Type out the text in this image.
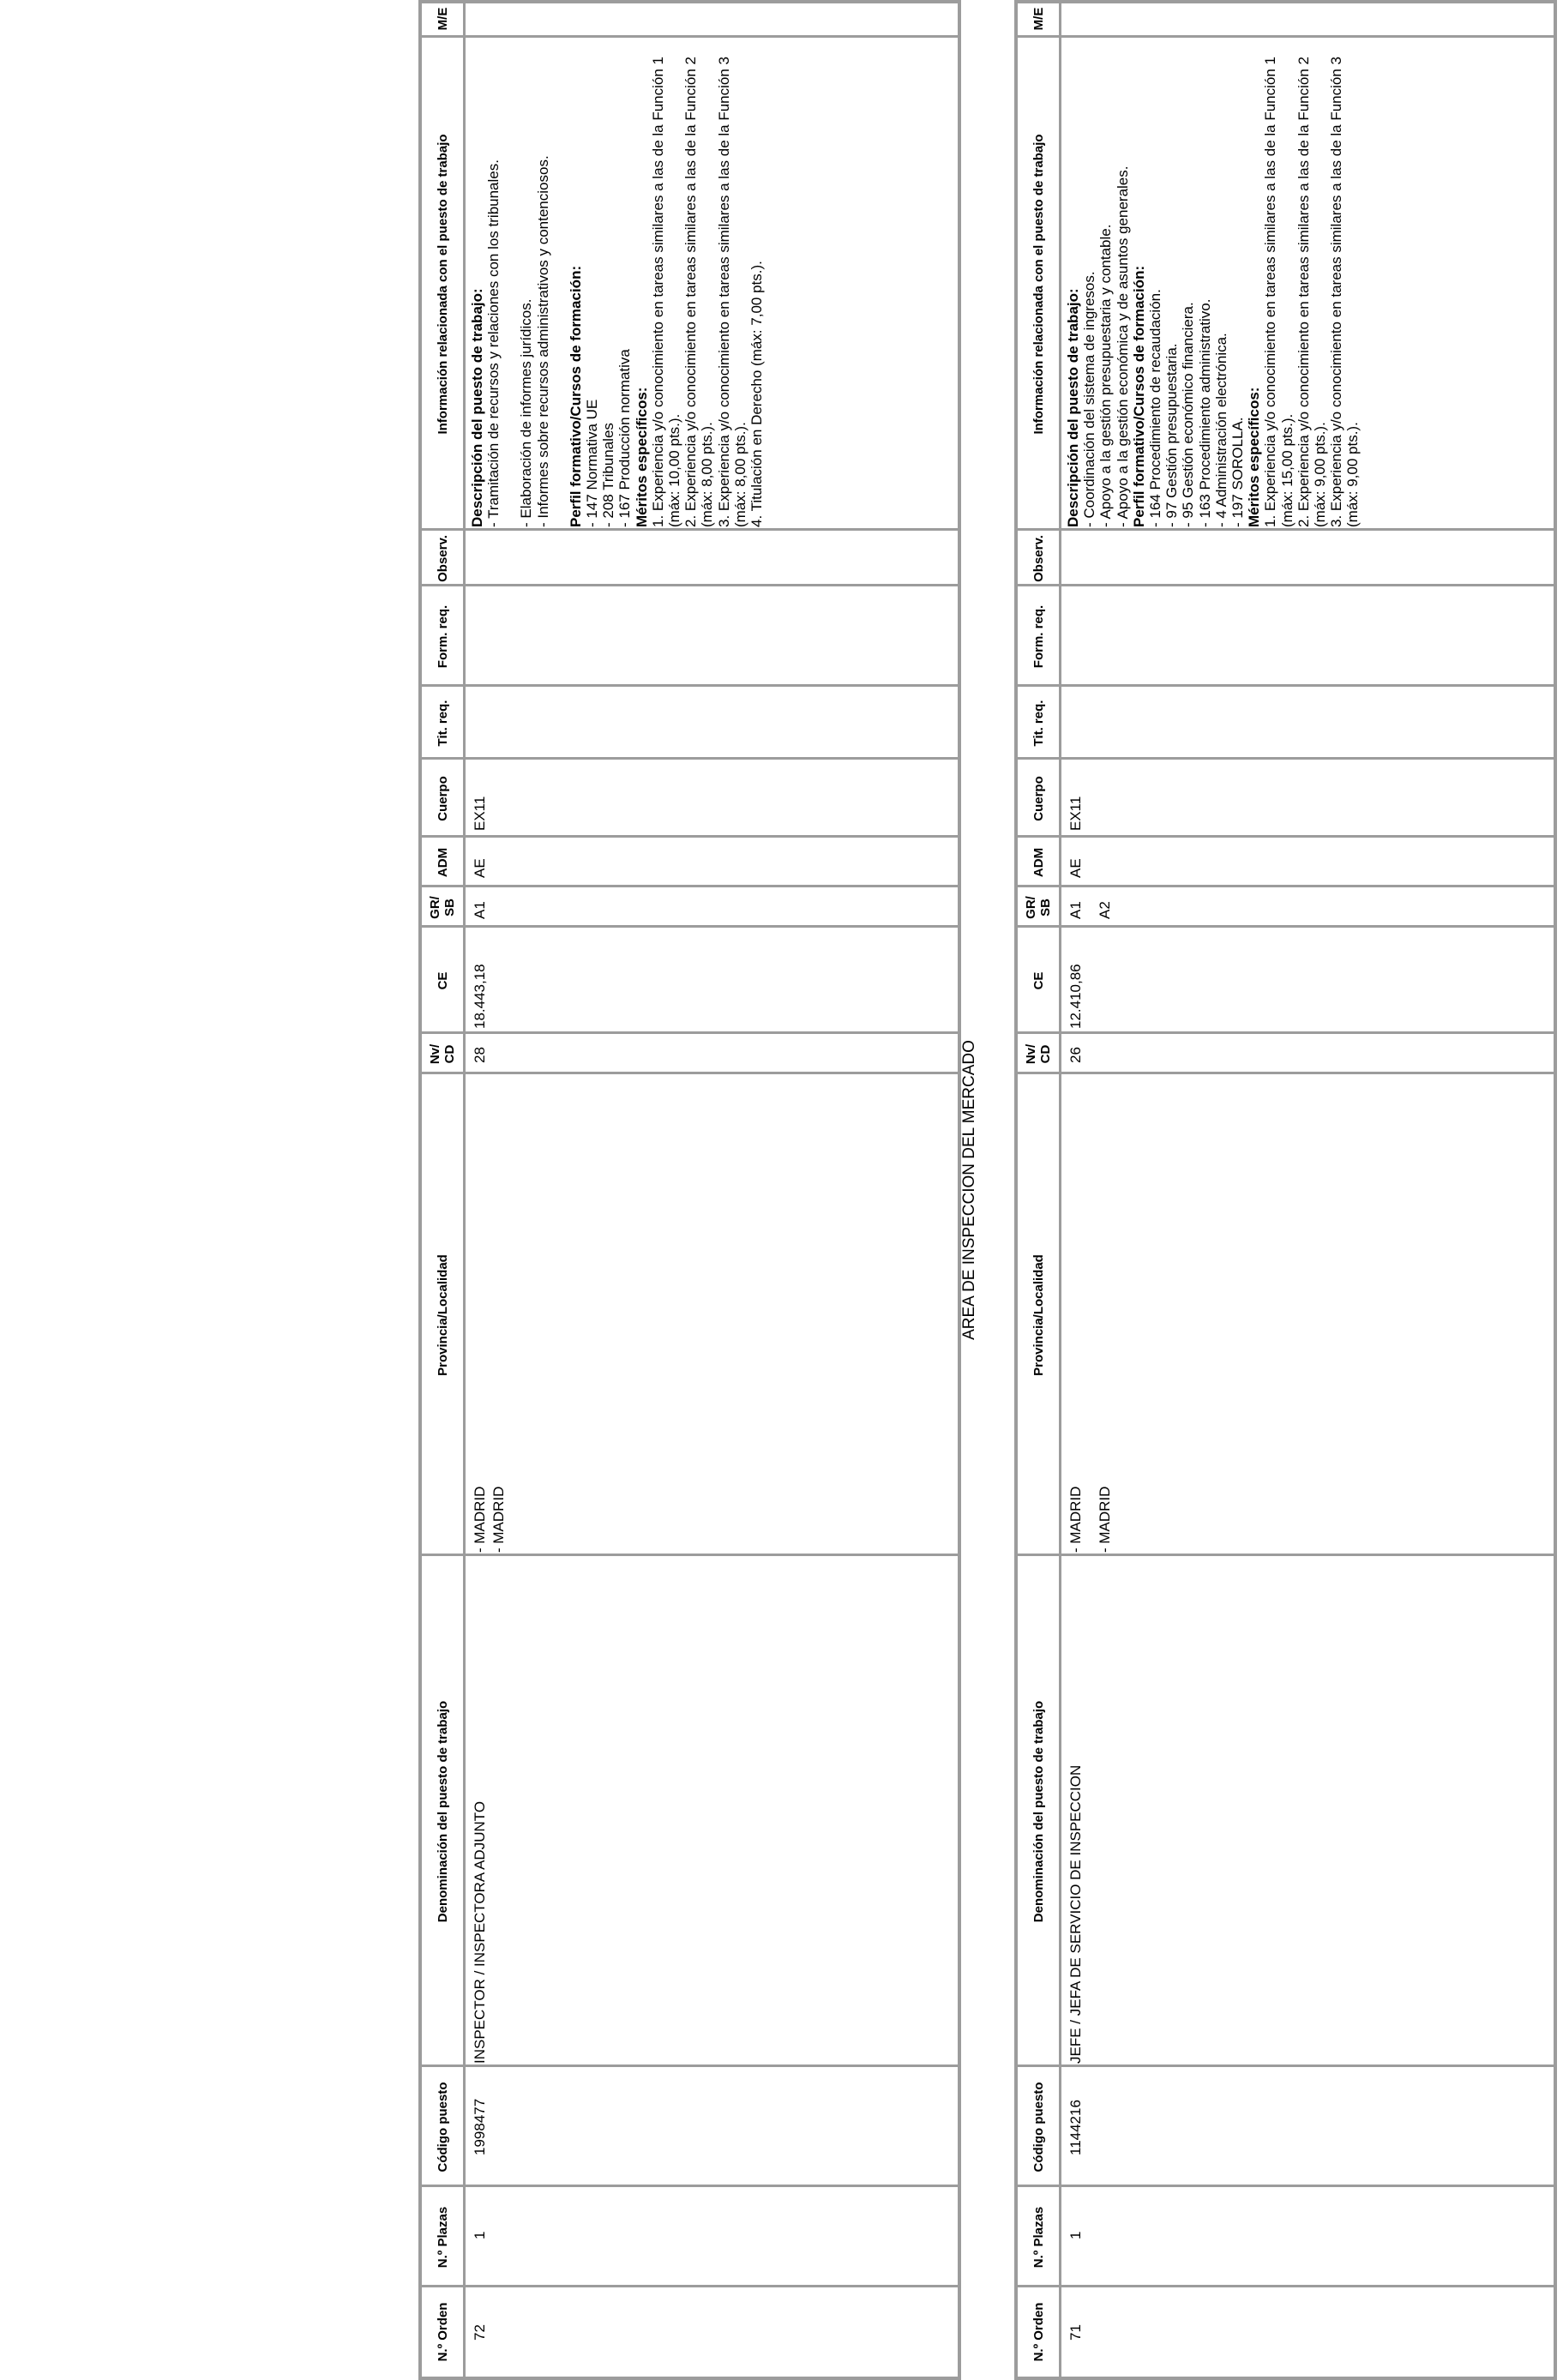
N.º Orden
N.º Plazas
Código puesto
Denominación del puesto de trabajo
Provincia/Localidad
Nv/ CD
CE
GR/ SB
ADM
Cuerpo
Tit. req.
Form. req.
Observ.
Información relacionada con el puesto de trabajo
M/E
71
1
1144216
JEFE / JEFA DE SERVICIO DE INSPECCION
- MADRID - MADRID
26
12.410,86
A1 A2
AE
EX11
Descripción del puesto de trabajo: - Coordinación del sistema de ingresos. - Apoyo a la gestión presupuestaria y contable. - Apoyo a la gestión económica y de asuntos generales. Perfil formativo/Cursos de formación: - 164 Procedimiento de recaudación. - 97 Gestión presupuestaria. - 95 Gestión económico financiera. - 163 Procedimiento administrativo. - 4 Administración electrónica. - 197 SOROLLA. Méritos específicos: 1. Experiencia y/o conocimiento en tareas similares a las de la Función 1 (máx: 15,00 pts.). 2. Experiencia y/o conocimiento en tareas similares a las de la Función 2 (máx: 9,00 pts.). 3. Experiencia y/o conocimiento en tareas similares a las de la Función 3 (máx: 9,00 pts.).
AREA DE INSPECCION DEL MERCADO
N.º Orden
N.º Plazas
Código puesto
Denominación del puesto de trabajo
Provincia/Localidad
Nv/ CD
CE
GR/ SB
ADM
Cuerpo
Tit. req.
Form. req.
Observ.
Información relacionada con el puesto de trabajo
M/E
72
1
1998477
INSPECTOR / INSPECTORA ADJUNTO
- MADRID - MADRID
28
18.443,18
A1
AE
EX11
Descripción del puesto de trabajo: - Tramitación de recursos y relaciones con los tribunales. - Elaboración de informes jurídicos. - Informes sobre recursos administrativos y contenciosos. Perfil formativo/Cursos de formación: - 147 Normativa UE - 208 Tribunales - 167 Producción normativa Méritos específicos: 1. Experiencia y/o conocimiento en tareas similares a las de la Función 1 (máx: 10,00 pts.). 2. Experiencia y/o conocimiento en tareas similares a las de la Función 2 (máx: 8,00 pts.). 3. Experiencia y/o conocimiento en tareas similares a las de la Función 3 (máx: 8,00 pts.). 4. Titulación en Derecho (máx: 7,00 pts.).
